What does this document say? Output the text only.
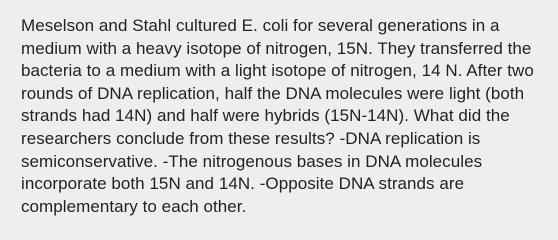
Meselson and Stahl cultured E. coli for several generations in a medium with a heavy isotope of nitrogen, 15N. They transferred the bacteria to a medium with a light isotope of nitrogen, 14 N. After two rounds of DNA replication, half the DNA molecules were light (both strands had 14N) and half were hybrids (15N-14N). What did the researchers conclude from these results? -DNA replication is semiconservative. -The nitrogenous bases in DNA molecules incorporate both 15N and 14N. -Opposite DNA strands are complementary to each other.
